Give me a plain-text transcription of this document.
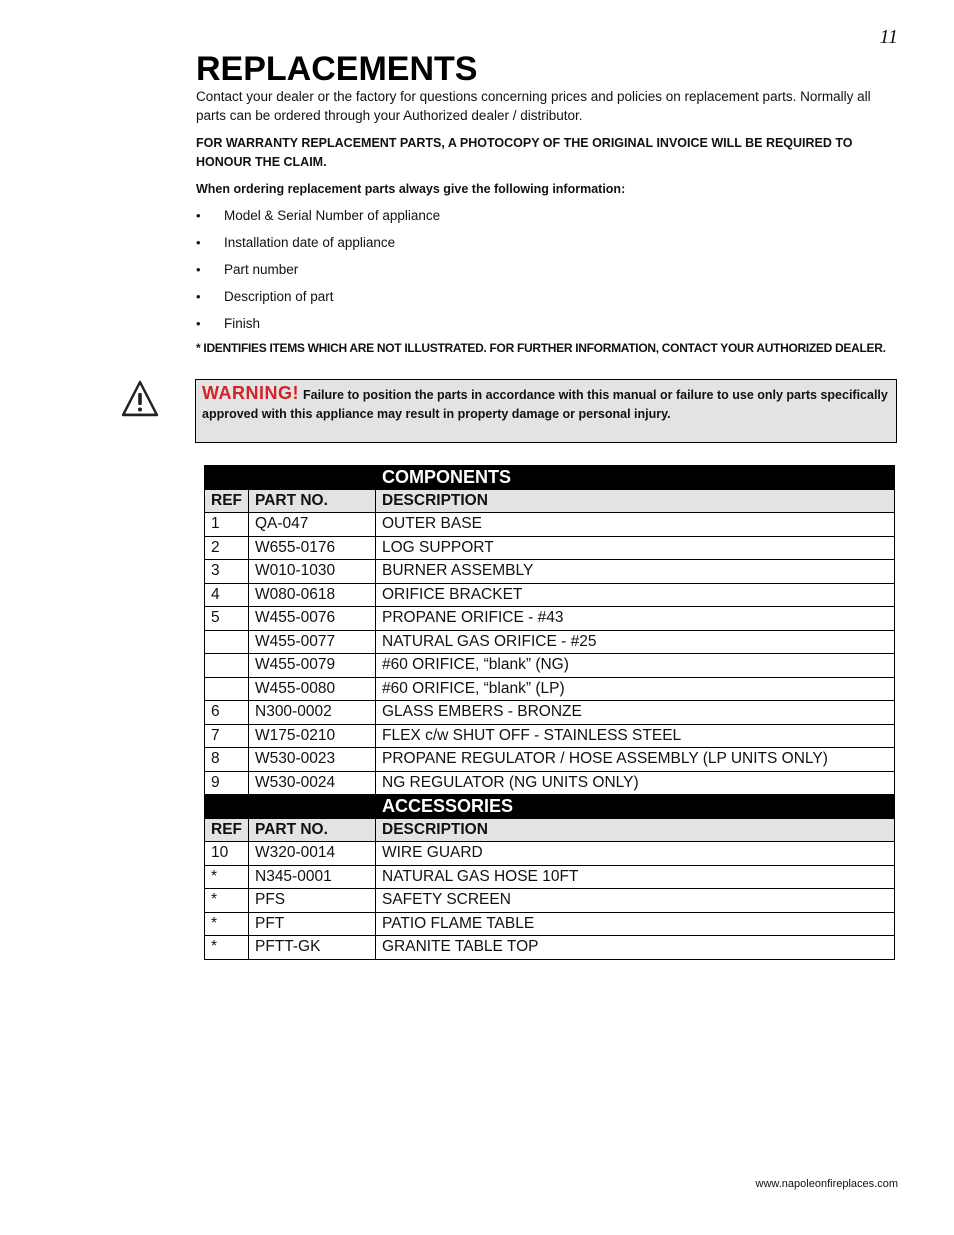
11
REPLACEMENTS

Contact your dealer or the factory for questions concerning prices and policies on replacement parts. Normally all parts can be ordered through your Authorized dealer / distributor.

FOR WARRANTY REPLACEMENT PARTS, A PHOTOCOPY OF THE ORIGINAL INVOICE WILL BE REQUIRED TO HONOUR THE CLAIM.

When ordering replacement parts always give the following information:

• Model & Serial Number of appliance
• Installation date of appliance
• Part number
• Description of part
• Finish

* IDENTIFIES ITEMS WHICH ARE NOT ILLUSTRATED. FOR FURTHER INFORMATION, CONTACT YOUR AUTHORIZED DEALER.

WARNING! Failure to position the parts in accordance with this manual or failure to use only parts specifically approved with this appliance may result in property damage or personal injury.
		COMPONENTS
REF	PART NO.	DESCRIPTION
1	QA-047	OUTER BASE
2	W655-0176	LOG SUPPORT
3	W010-1030	BURNER ASSEMBLY
4	W080-0618	ORIFICE BRACKET
5	W455-0076	PROPANE ORIFICE - #43
	W455-0077	NATURAL GAS ORIFICE - #25
	W455-0079	#60 ORIFICE, “blank” (NG)
	W455-0080	#60 ORIFICE, “blank” (LP)
6	N300-0002	GLASS EMBERS - BRONZE
7	W175-0210	FLEX c/w SHUT OFF - STAINLESS STEEL
8	W530-0023	PROPANE REGULATOR / HOSE ASSEMBLY (LP UNITS ONLY)
9	W530-0024	NG REGULATOR (NG UNITS ONLY)
		ACCESSORIES
REF	PART NO.	DESCRIPTION
10	W320-0014	WIRE GUARD
*	N345-0001	NATURAL GAS HOSE 10FT
*	PFS	SAFETY SCREEN
*	PFT	PATIO FLAME TABLE
*	PFTT-GK	GRANITE TABLE TOP
www.napoleonfireplaces.com
